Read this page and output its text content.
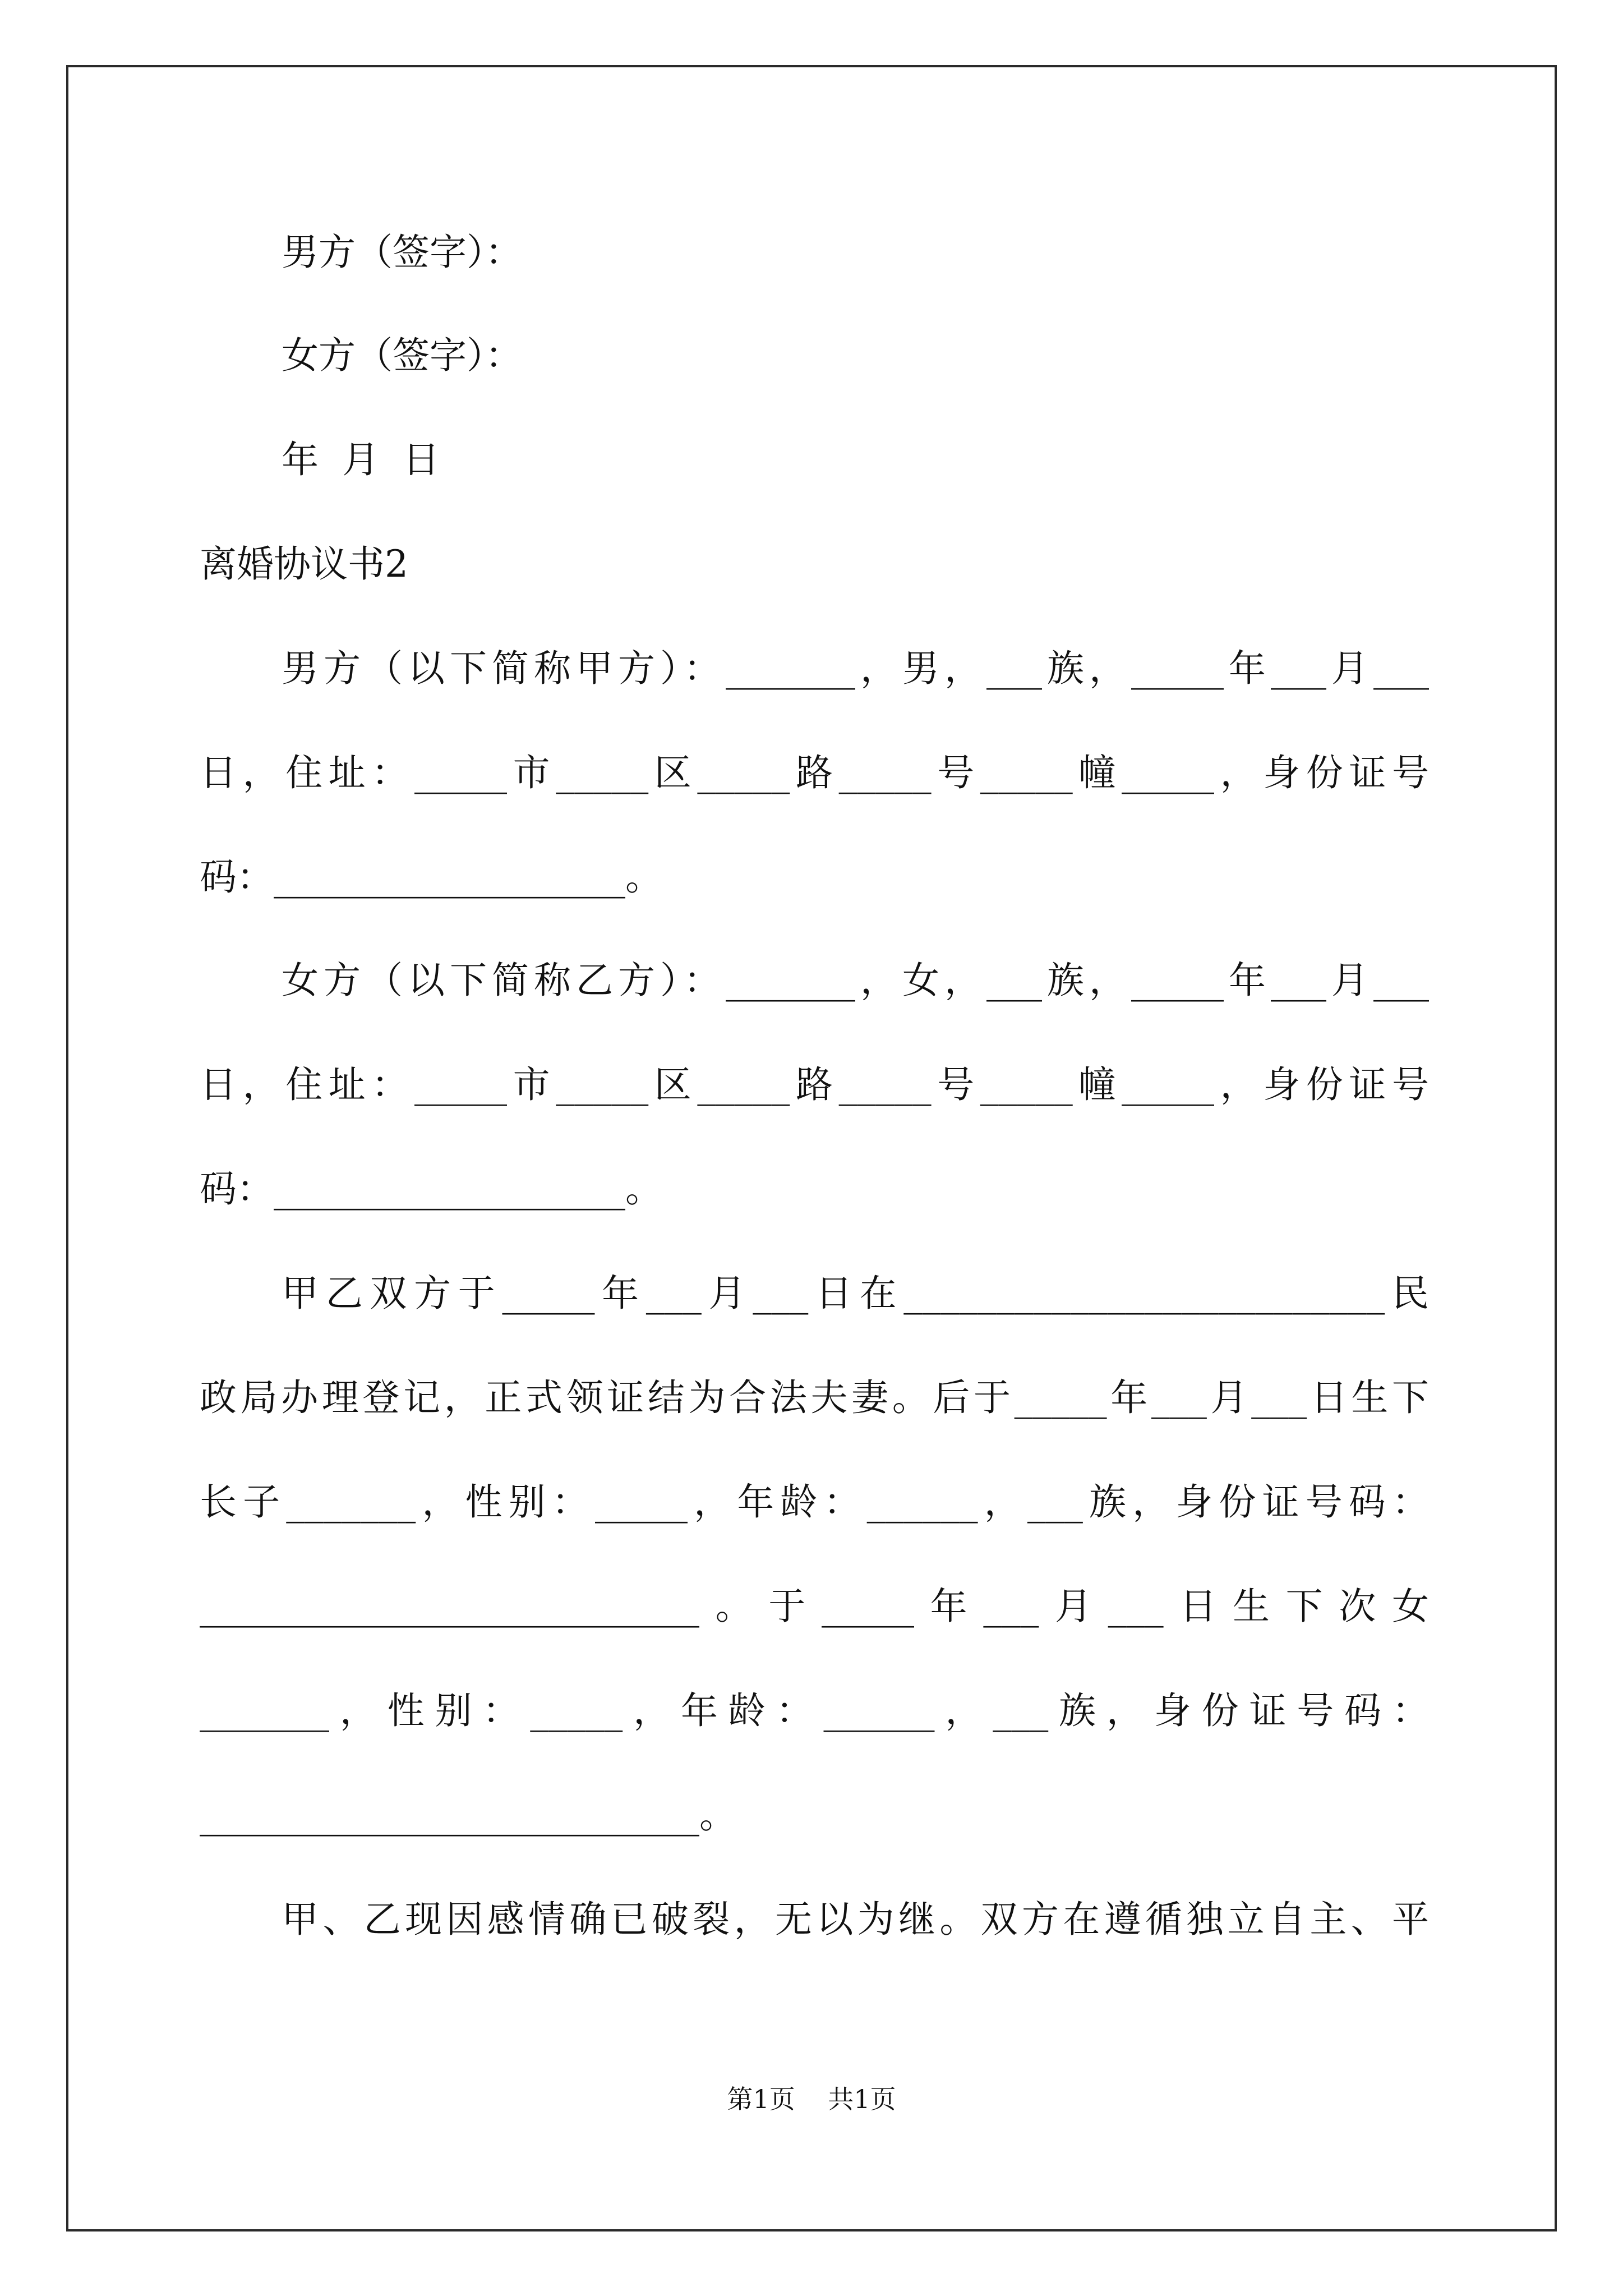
男方（签字）：
女方（签字）：
年  月  日
离婚协议书2
男方（以下简称甲方）：_______，男，___族，_____年___月___
日，住址：_____市_____区_____路_____号_____幢_____，身份证号
码：___________________。
女方（以下简称乙方）：_______，女，___族，_____年___月___
日，住址：_____市_____区_____路_____号_____幢_____，身份证号
码：___________________。
甲乙双方于_____年___月___日在__________________________民
政局办理登记，正式领证结为合法夫妻。后于_____年___月___日生下
长子_______，性别：_____，年龄：______，___族，身份证号码：
___________________________。于_____年___月___日生下次女
_______，性别：_____，年龄：______，___族，身份证号码：
___________________________。
甲、乙现因感情确已破裂，无以为继。双方在遵循独立自主、平
第1页    共1页
